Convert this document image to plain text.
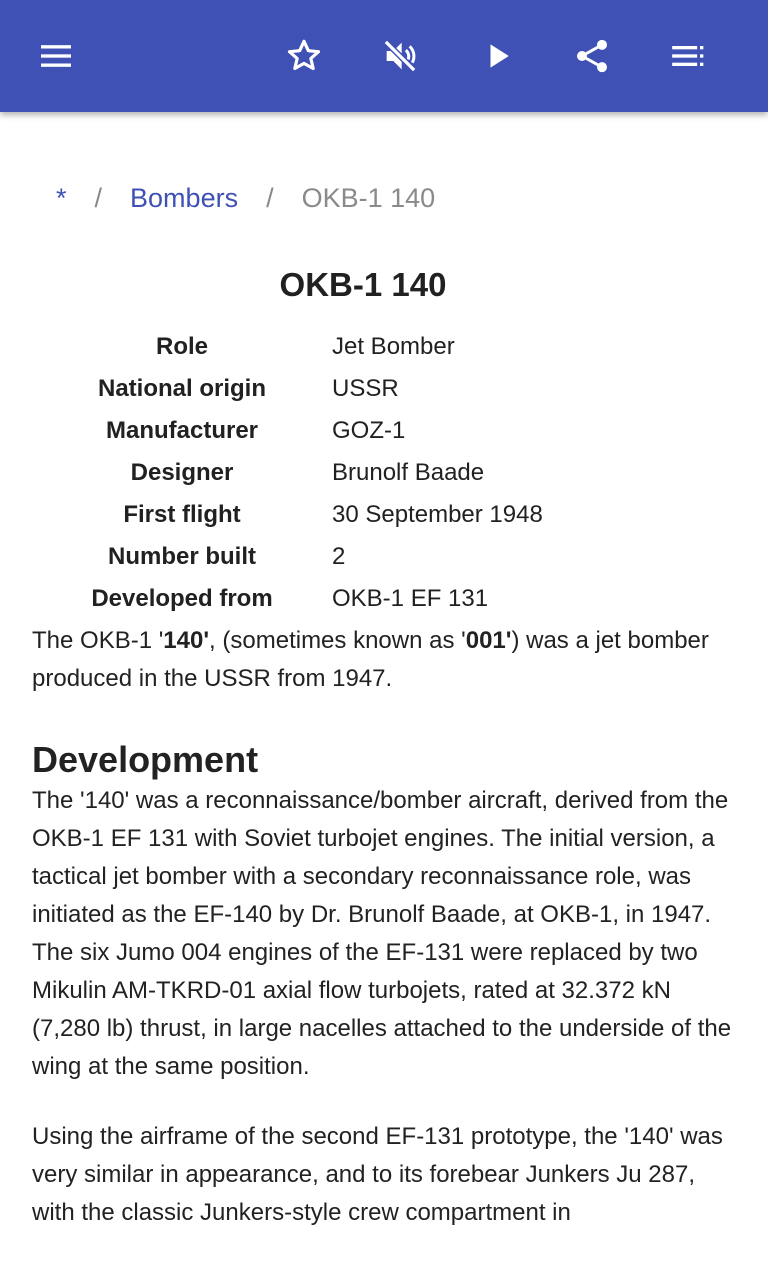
* / Bombers / OKB-1 140
OKB-1 140
Role	Jet Bomber
National origin	USSR
Manufacturer	GOZ-1
Designer	Brunolf Baade
First flight	30 September 1948
Number built	2
Developed from	OKB-1 EF 131

The OKB-1 '140', (sometimes known as '001') was a jet bomber produced in the USSR from 1947.

Development

The '140' was a reconnaissance/bomber aircraft, derived from the OKB-1 EF 131 with Soviet turbojet engines. The initial version, a tactical jet bomber with a secondary reconnaissance role, was initiated as the EF-140 by Dr. Brunolf Baade, at OKB-1, in 1947. The six Jumo 004 engines of the EF-131 were replaced by two Mikulin AM-TKRD-01 axial flow turbojets, rated at 32.372 kN (7,280 lb) thrust, in large nacelles attached to the underside of the wing at the same position.

Using the airframe of the second EF-131 prototype, the '140' was very similar in appearance, and to its forebear Junkers Ju 287, with the classic Junkers-style crew compartment in
